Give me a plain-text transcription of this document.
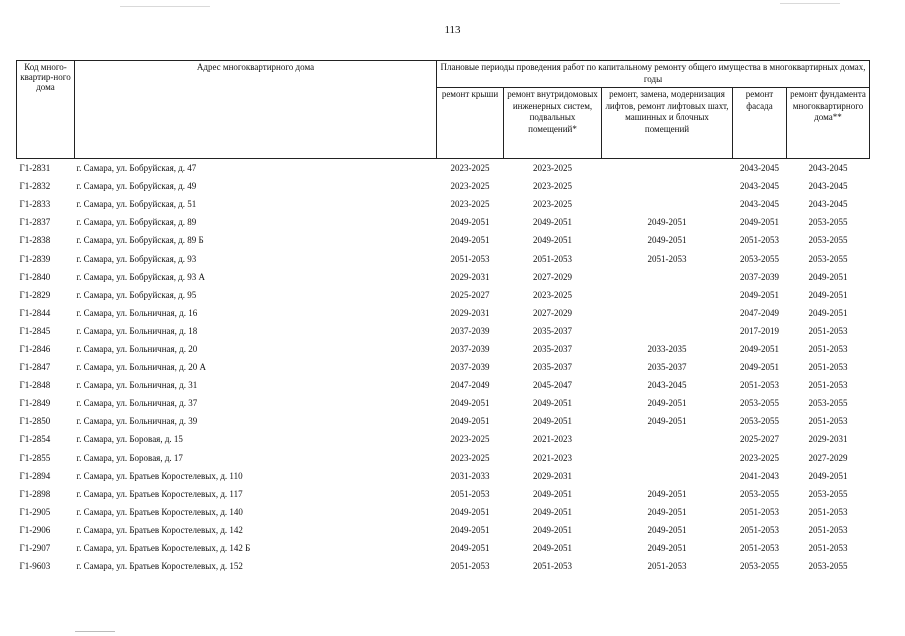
113
Код много-квартир-ного дома	Адрес многоквартирного дома	Плановые периоды проведения работ по капитальному ремонту общего имущества в многоквартирных домах, годы				
		ремонт крыши	ремонт внутридомовых инженерных систем, подвальных помещений*	ремонт, замена, модернизация лифтов, ремонт лифтовых шахт, машинных и блочных помещений	ремонт фасада	ремонт фундамента многоквартирного дома**
Г1-2831	г. Самара, ул. Бобруйская, д. 47	2023-2025	2023-2025		2043-2045	2043-2045
Г1-2832	г. Самара, ул. Бобруйская, д. 49	2023-2025	2023-2025		2043-2045	2043-2045
Г1-2833	г. Самара, ул. Бобруйская, д. 51	2023-2025	2023-2025		2043-2045	2043-2045
Г1-2837	г. Самара, ул. Бобруйская, д. 89	2049-2051	2049-2051	2049-2051	2049-2051	2053-2055
Г1-2838	г. Самара, ул. Бобруйская, д. 89 Б	2049-2051	2049-2051	2049-2051	2051-2053	2053-2055
Г1-2839	г. Самара, ул. Бобруйская, д. 93	2051-2053	2051-2053	2051-2053	2053-2055	2053-2055
Г1-2840	г. Самара, ул. Бобруйская, д. 93 А	2029-2031	2027-2029		2037-2039	2049-2051
Г1-2829	г. Самара, ул. Бобруйская, д. 95	2025-2027	2023-2025		2049-2051	2049-2051
Г1-2844	г. Самара, ул. Больничная, д. 16	2029-2031	2027-2029		2047-2049	2049-2051
Г1-2845	г. Самара, ул. Больничная, д. 18	2037-2039	2035-2037		2017-2019	2051-2053
Г1-2846	г. Самара, ул. Больничная, д. 20	2037-2039	2035-2037	2033-2035	2049-2051	2051-2053
Г1-2847	г. Самара, ул. Больничная, д. 20 А	2037-2039	2035-2037	2035-2037	2049-2051	2051-2053
Г1-2848	г. Самара, ул. Больничная, д. 31	2047-2049	2045-2047	2043-2045	2051-2053	2051-2053
Г1-2849	г. Самара, ул. Больничная, д. 37	2049-2051	2049-2051	2049-2051	2053-2055	2053-2055
Г1-2850	г. Самара, ул. Больничная, д. 39	2049-2051	2049-2051	2049-2051	2053-2055	2051-2053
Г1-2854	г. Самара, ул. Боровая, д. 15	2023-2025	2021-2023		2025-2027	2029-2031
Г1-2855	г. Самара, ул. Боровая, д. 17	2023-2025	2021-2023		2023-2025	2027-2029
Г1-2894	г. Самара, ул. Братьев Коростелевых, д. 110	2031-2033	2029-2031		2041-2043	2049-2051
Г1-2898	г. Самара, ул. Братьев Коростелевых, д. 117	2051-2053	2049-2051	2049-2051	2053-2055	2053-2055
Г1-2905	г. Самара, ул. Братьев Коростелевых, д. 140	2049-2051	2049-2051	2049-2051	2051-2053	2051-2053
Г1-2906	г. Самара, ул. Братьев Коростелевых, д. 142	2049-2051	2049-2051	2049-2051	2051-2053	2051-2053
Г1-2907	г. Самара, ул. Братьев Коростелевых, д. 142 Б	2049-2051	2049-2051	2049-2051	2051-2053	2051-2053
Г1-9603	г. Самара, ул. Братьев Коростелевых, д. 152	2051-2053	2051-2053	2051-2053	2053-2055	2053-2055
